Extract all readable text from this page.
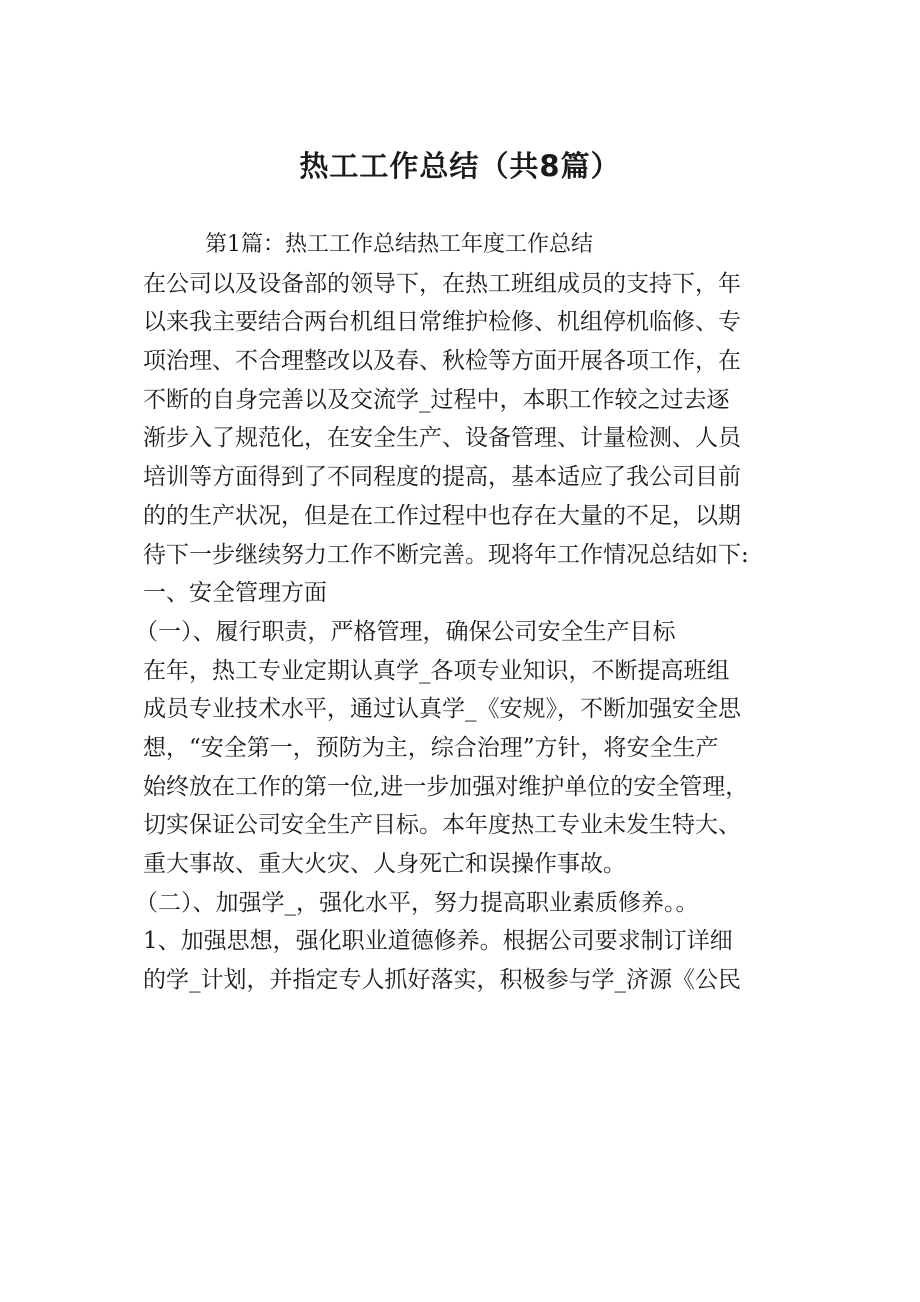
热工工作总结（共8篇）
第1篇：热工工作总结热工年度工作总结
在公司以及设备部的领导下，在热工班组成员的支持下，年
以来我主要结合两台机组日常维护检修、机组停机临修、专
项治理、不合理整改以及春、秋检等方面开展各项工作，在
不断的自身完善以及交流学_过程中，本职工作较之过去逐
渐步入了规范化，在安全生产、设备管理、计量检测、人员
培训等方面得到了不同程度的提高，基本适应了我公司目前
的的生产状况，但是在工作过程中也存在大量的不足，以期
待下一步继续努力工作不断完善。现将年工作情况总结如下:
一、安全管理方面
（一）、履行职责，严格管理，确保公司安全生产目标
在年，热工专业定期认真学_各项专业知识，不断提高班组
成员专业技术水平，通过认真学_《安规》，不断加强安全思
想，“安全第一，预防为主，综合治理”方针，将安全生产
始终放在工作的第一位,进一步加强对维护单位的安全管理，
切实保证公司安全生产目标。本年度热工专业未发生特大、
重大事故、重大火灾、人身死亡和误操作事故。
（二）、加强学_，强化水平，努力提高职业素质修养。。
1、加强思想，强化职业道德修养。根据公司要求制订详细
的学_计划，并指定专人抓好落实，积极参与学_济源《公民
